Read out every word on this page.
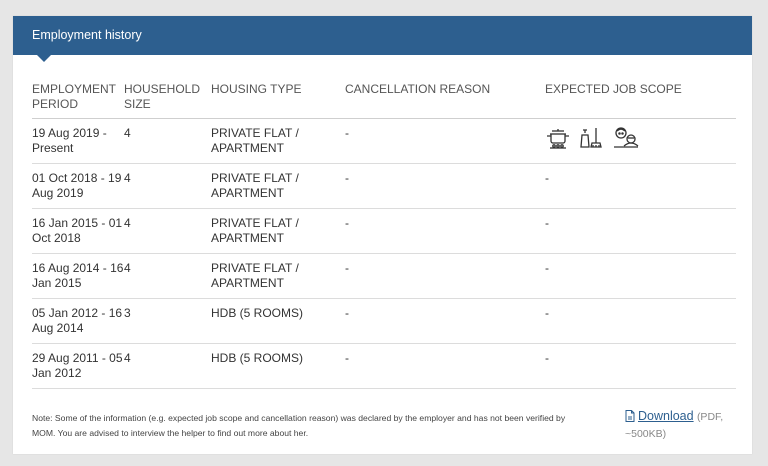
Employment history
EMPLOYMENT PERIOD	HOUSEHOLD SIZE	HOUSING TYPE	CANCELLATION REASON	EXPECTED JOB SCOPE
19 Aug 2019 - Present	4	PRIVATE FLAT / APARTMENT	-	

01 Oct 2018 - 19 Aug 2019	4	PRIVATE FLAT / APARTMENT	-	-
16 Jan 2015 - 01 Oct 2018	4	PRIVATE FLAT / APARTMENT	-	-
16 Aug 2014 - 16 Jan 2015	4	PRIVATE FLAT / APARTMENT	-	-
05 Jan 2012 - 16 Aug 2014	3	HDB (5 ROOMS)	-	-
29 Aug 2011 - 05 Jan 2012	4	HDB (5 ROOMS)	-	-
Note: Some of the information (e.g. expected job scope and cancellation reason) was declared by the employer and has not been verified by MOM. You are advised to interview the helper to find out more about her.
Download (PDF, ~500KB)
